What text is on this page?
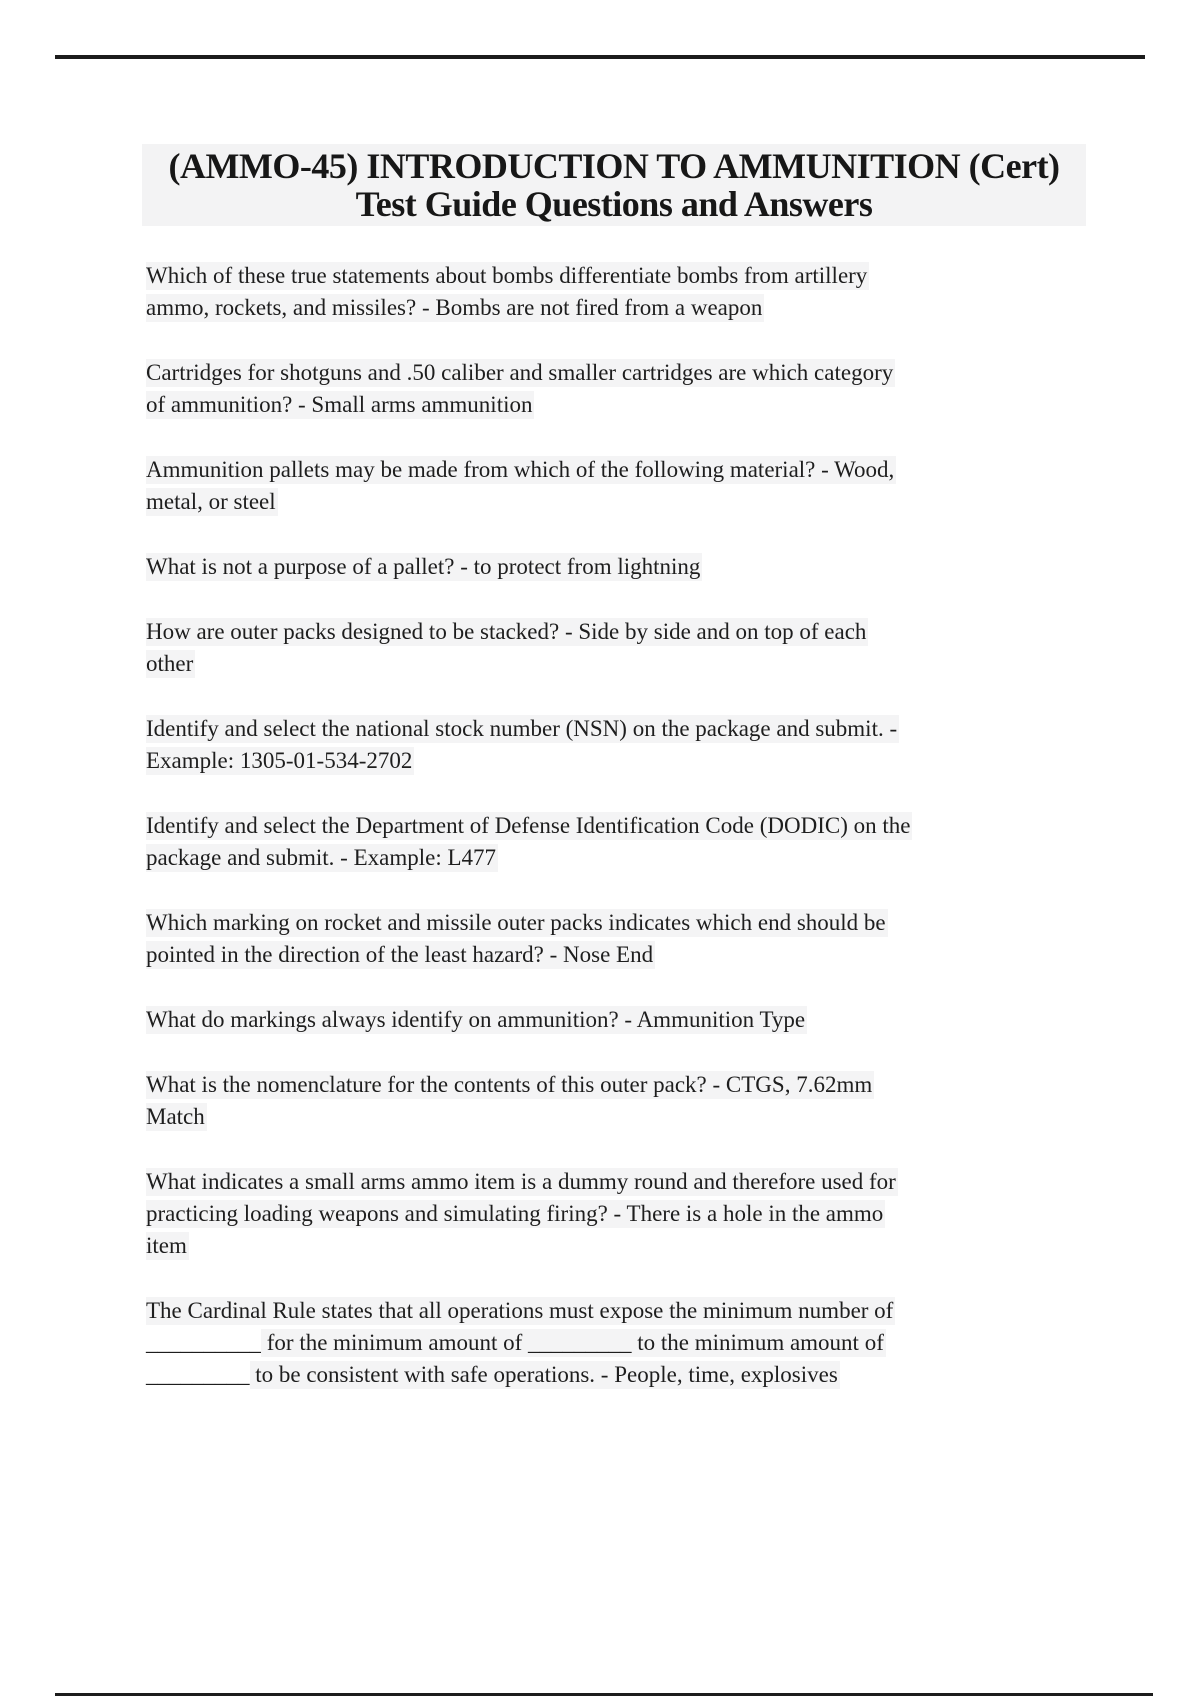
(AMMO-45) INTRODUCTION TO AMMUNITION (Cert)
Test Guide Questions and Answers
Which of these true statements about bombs differentiate bombs from artillery
ammo, rockets, and missiles? - Bombs are not fired from a weapon
Cartridges for shotguns and .50 caliber and smaller cartridges are which category
of ammunition? - Small arms ammunition
Ammunition pallets may be made from which of the following material? - Wood,
metal, or steel
What is not a purpose of a pallet? - to protect from lightning
How are outer packs designed to be stacked? - Side by side and on top of each
other
Identify and select the national stock number (NSN) on the package and submit. -
Example: 1305-01-534-2702
Identify and select the Department of Defense Identification Code (DODIC) on the
package and submit. - Example: L477
Which marking on rocket and missile outer packs indicates which end should be
pointed in the direction of the least hazard? - Nose End
What do markings always identify on ammunition? - Ammunition Type
What is the nomenclature for the contents of this outer pack? - CTGS, 7.62mm
Match
What indicates a small arms ammo item is a dummy round and therefore used for
practicing loading weapons and simulating firing? - There is a hole in the ammo
item
The Cardinal Rule states that all operations must expose the minimum number of
__________ for the minimum amount of _________ to the minimum amount of
_________ to be consistent with safe operations. - People, time, explosives
